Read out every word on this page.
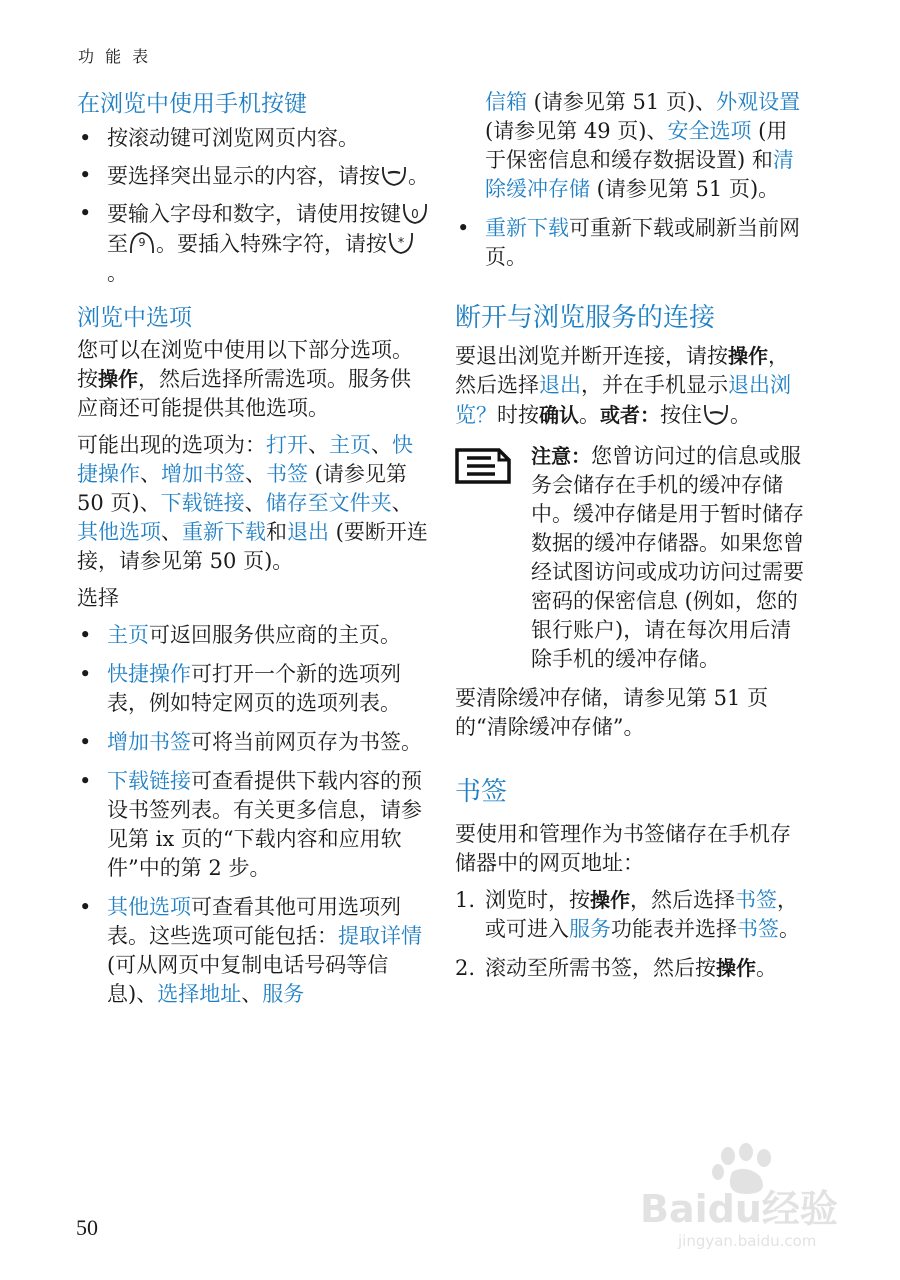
功 能 表
在浏览中使用手机按键
• 按滚动键可浏览网页内容。
• 要选择突出显示的内容，请按 。
• 要输入字母和数字，请使用按键 0
至 9 。要插入特殊字符，请按 *
。
浏览中选项

您可以在浏览中使用以下部分选项。按操作，然后选择所需选项。服务供应商还可能提供其他选项。

可能出现的选项为：打开、主页、快捷操作、增加书签、书签 (请参见第 50 页)、下载链接、储存至文件夹、其他选项、重新下载和退出 (要断开连接，请参见第 50 页)。

选择

• 主页可返回服务供应商的主页。
• 快捷操作可打开一个新的选项列表，例如特定网页的选项列表。
• 增加书签可将当前网页存为书签。
• 下载链接可查看提供下载内容的预设书签列表。有关更多信息，请参见第 ix 页的“下载内容和应用软件”中的第 2 步。
• 其他选项可查看其他可用选项列表。这些选项可能包括：提取详情 (可从网页中复制电话号码等信息)、选择地址、服务
信箱 (请参见第 51 页)、外观设置 (请参见第 49 页)、安全选项 (用于保密信息和缓存数据设置) 和清除缓冲存储 (请参见第 51 页)。
• 重新下载可重新下载或刷新当前网页。
断开与浏览服务的连接

要退出浏览并断开连接，请按操作，然后选择退出，并在手机显示退出浏览？时按确认。或者：按住 。

注意：您曾访问过的信息或服务会储存在手机的缓冲存储中。缓冲存储是用于暂时储存数据的缓冲存储器。如果您曾经试图访问或成功访问过需要密码的保密信息 (例如，您的银行账户)，请在每次用后清除手机的缓冲存储。

要清除缓冲存储，请参见第 51 页的“清除缓冲存储”。

书签

要使用和管理作为书签储存在手机存储器中的网页地址：

1. 浏览时，按操作，然后选择书签，或可进入服务功能表并选择书签。
2. 滚动至所需书签，然后按操作。
50	Baidu经验
jingyan.baidu.com
